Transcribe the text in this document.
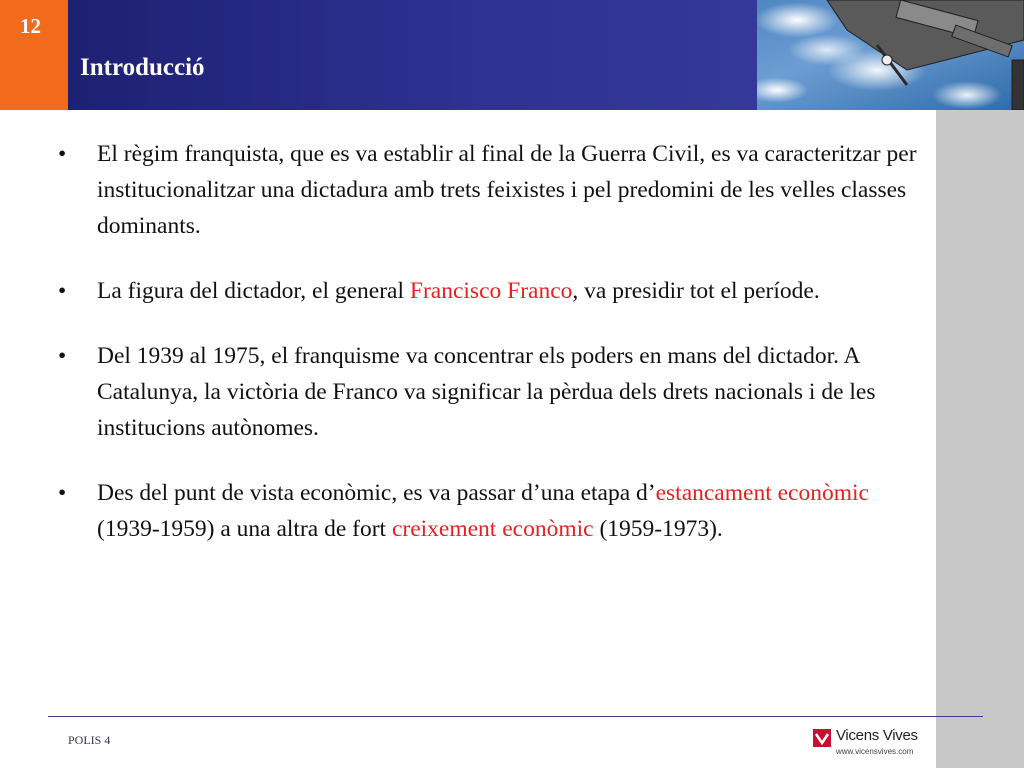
12
Introducció
• El règim franquista, que es va establir al final de la Guerra Civil, es va caracteritzar per institucionalitzar una dictadura amb trets feixistes i pel predomini de les velles classes dominants.
• La figura del dictador, el general Francisco Franco, va presidir tot el període.
• Del 1939 al 1975, el franquisme va concentrar els poders en mans del dictador. A Catalunya, la victòria de Franco va significar la pèrdua dels drets nacionals i de les institucions autònomes.
• Des del punt de vista econòmic, es va passar d’una etapa d’estancament econòmic (1939-1959) a una altra de fort creixement econòmic (1959-1973).
POLIS 4	Vicens Vives
www.vicensvives.com
